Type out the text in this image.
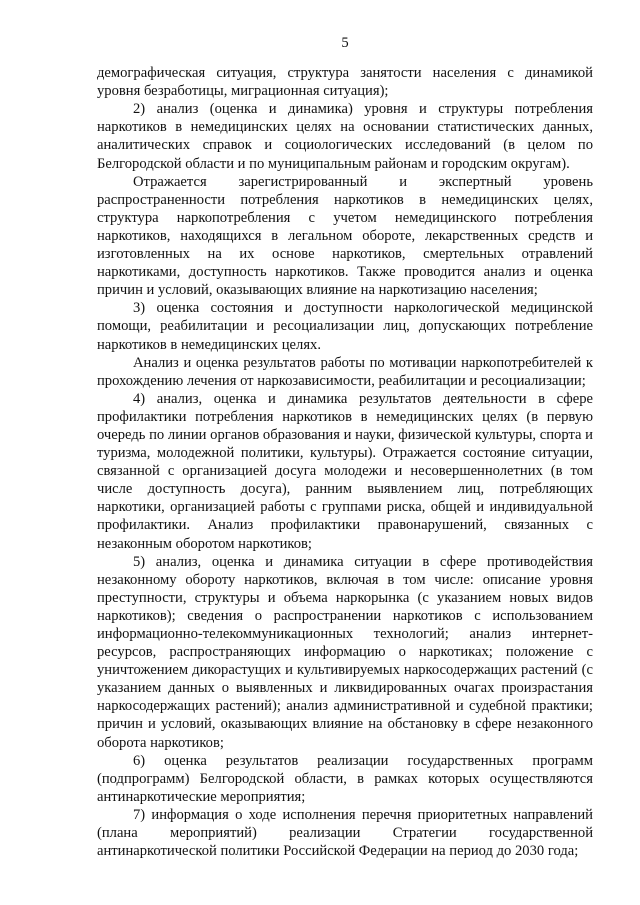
5

демографическая ситуация, структура занятости населения с динамикой уровня безработицы, миграционная ситуация);

2) анализ (оценка и динамика) уровня и структуры потребления наркотиков в немедицинских целях на основании статистических данных, аналитических справок и социологических исследований (в целом по Белгородской области и по муниципальным районам и городским округам).

Отражается зарегистрированный и экспертный уровень распространенности потребления наркотиков в немедицинских целях, структура наркопотребления с учетом немедицинского потребления наркотиков, находящихся в легальном обороте, лекарственных средств и изготовленных на их основе наркотиков, смертельных отравлений наркотиками, доступность наркотиков. Также проводится анализ и оценка причин и условий, оказывающих влияние на наркотизацию населения;

3) оценка состояния и доступности наркологической медицинской помощи, реабилитации и ресоциализации лиц, допускающих потребление наркотиков в немедицинских целях.

Анализ и оценка результатов работы по мотивации наркопотребителей к прохождению лечения от наркозависимости, реабилитации и ресоциализации;

4) анализ, оценка и динамика результатов деятельности в сфере профилактики потребления наркотиков в немедицинских целях (в первую очередь по линии органов образования и науки, физической культуры, спорта и туризма, молодежной политики, культуры). Отражается состояние ситуации, связанной с организацией досуга молодежи и несовершеннолетних (в том числе доступность досуга), ранним выявлением лиц, потребляющих наркотики, организацией работы с группами риска, общей и индивидуальной профилактики. Анализ профилактики правонарушений, связанных с незаконным оборотом наркотиков;

5) анализ, оценка и динамика ситуации в сфере противодействия незаконному обороту наркотиков, включая в том числе: описание уровня преступности, структуры и объема наркорынка (с указанием новых видов наркотиков); сведения о распространении наркотиков с использованием информационно-телекоммуникационных технологий; анализ интернет-ресурсов, распространяющих информацию о наркотиках; положение с уничтожением дикорастущих и культивируемых наркосодержащих растений (с указанием данных о выявленных и ликвидированных очагах произрастания наркосодержащих растений); анализ административной и судебной практики; причин и условий, оказывающих влияние на обстановку в сфере незаконного оборота наркотиков;

6) оценка результатов реализации государственных программ (подпрограмм) Белгородской области, в рамках которых осуществляются антинаркотические мероприятия;

7) информация о ходе исполнения перечня приоритетных направлений (плана мероприятий) реализации Стратегии государственной антинаркотической политики Российской Федерации на период до 2030 года;
